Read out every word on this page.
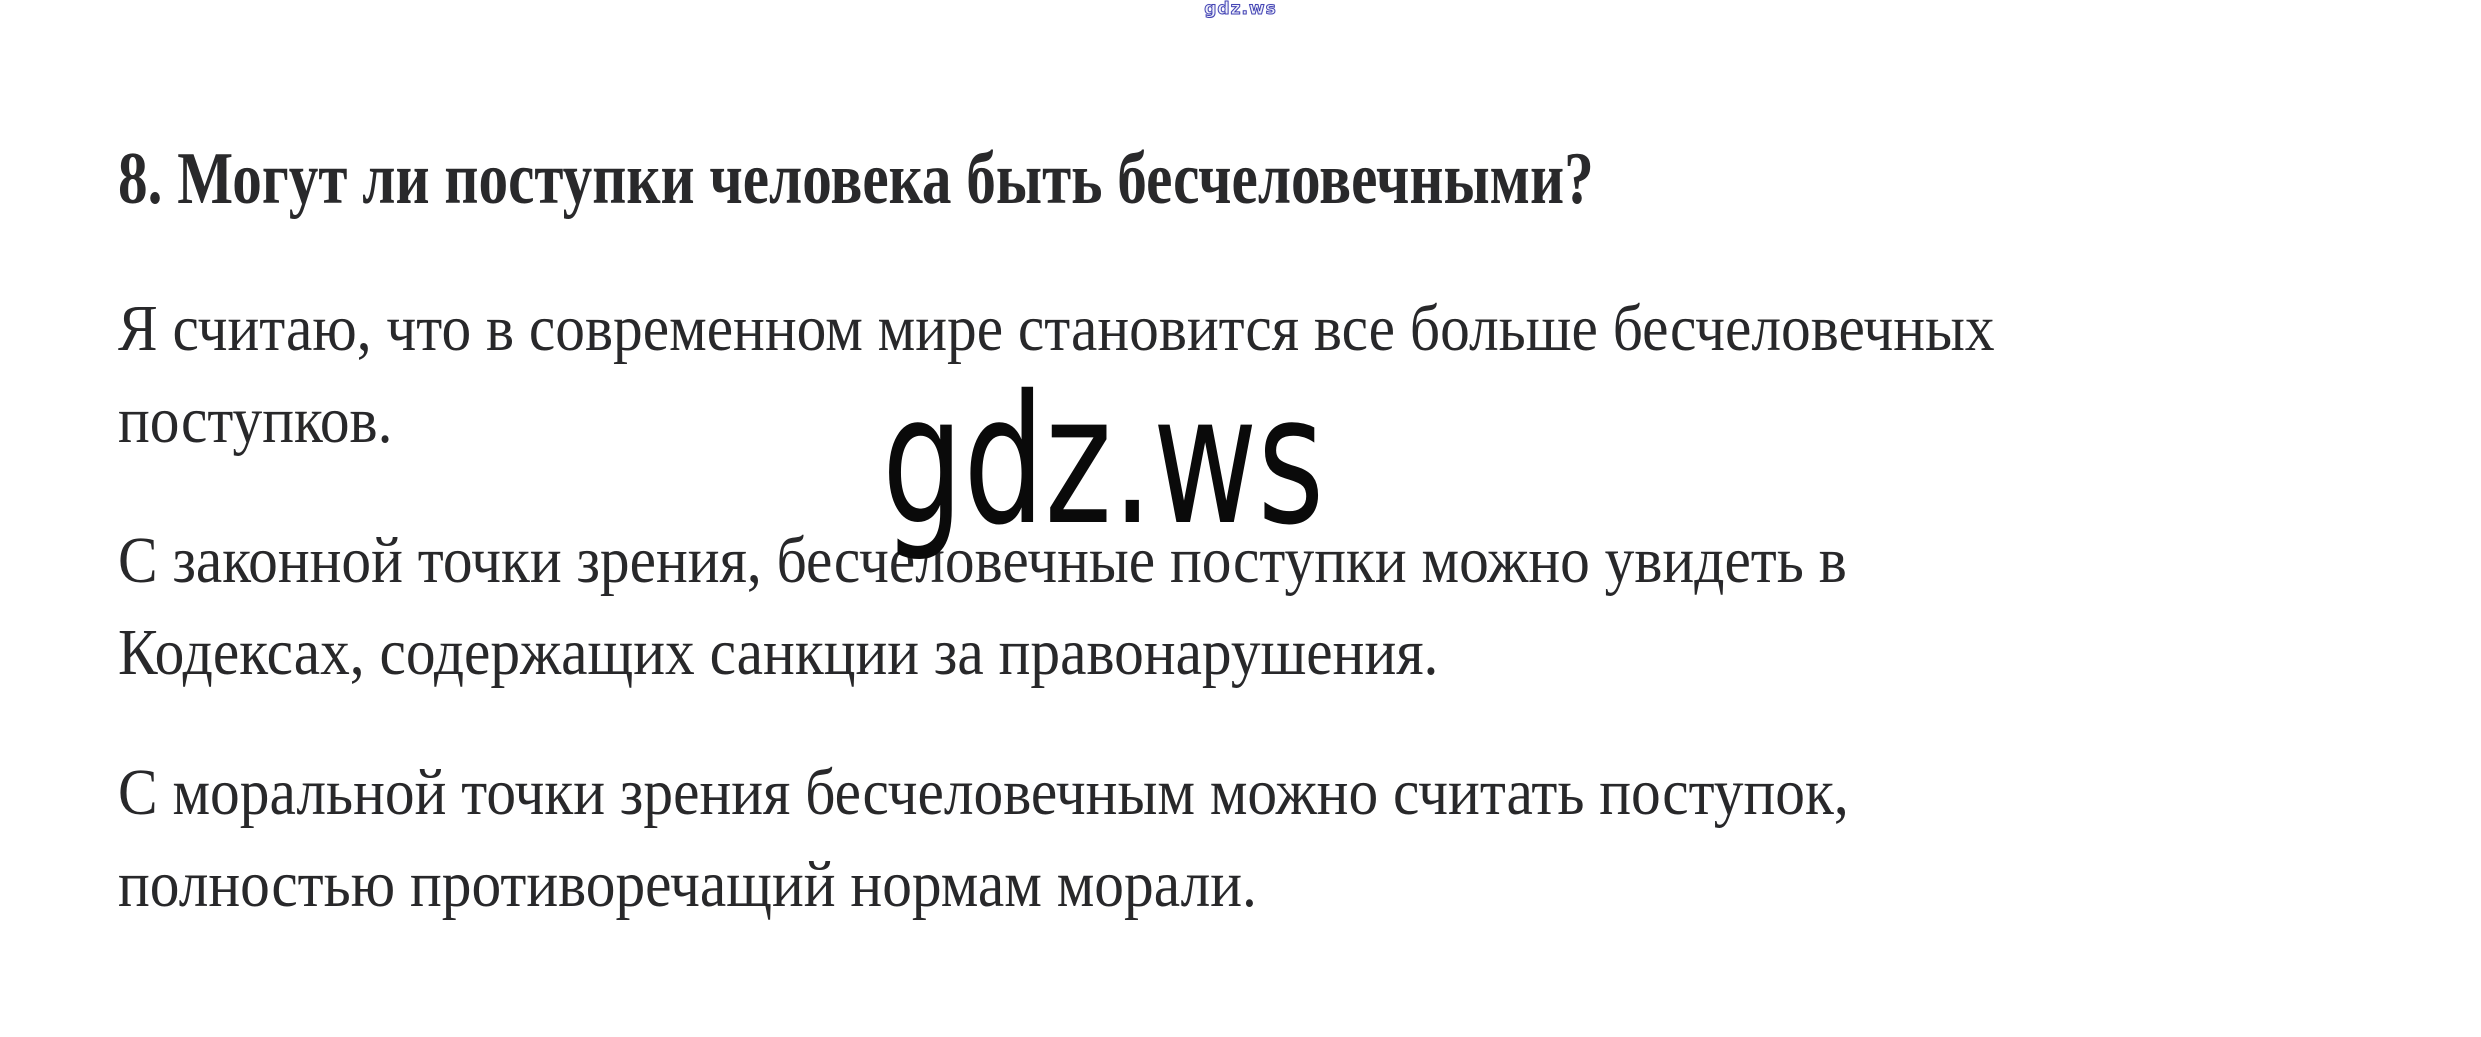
gdz.ws
8. Могут ли поступки человека быть бесчеловечными?

Я считаю, что в современном мире становится все больше бесчеловечных
поступков.

С законной точки зрения, бесчеловечные поступки можно увидеть в
Кодексах, содержащих санкции за правонарушения.

С моральной точки зрения бесчеловечным можно считать поступок,
полностью противоречащий нормам морали.

gdz.ws
